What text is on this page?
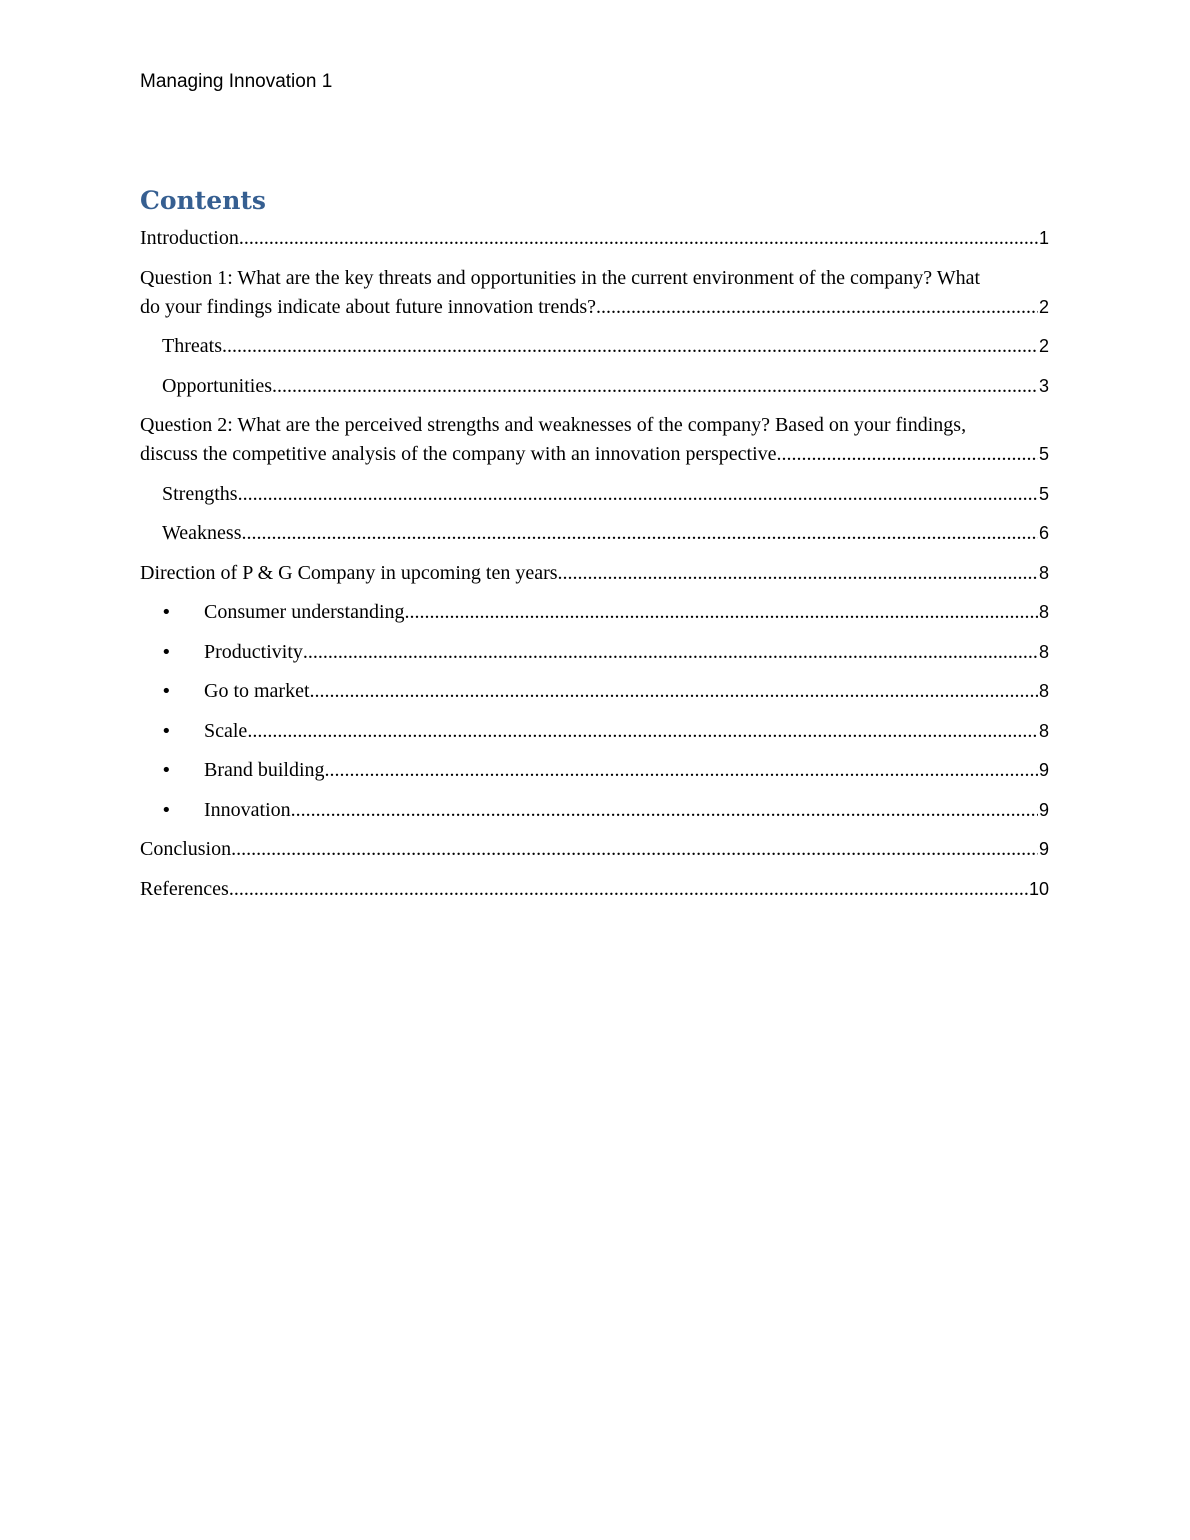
Managing Innovation 1
Contents
Introduction .....	1
Question 1: What are the key threats and opportunities in the current environment of the company? What
do your findings indicate about future innovation trends? .....	2
Threats .....	2
Opportunities .....	3
Question 2: What are the perceived strengths and weaknesses of the company? Based on your findings,
discuss the competitive analysis of the company with an innovation perspective. .....	5
Strengths .....	5
Weakness .....	6
Direction of P & G Company in upcoming ten years .....	8
• Consumer understanding .....	8
• Productivity .....	8
• Go to market .....	8
• Scale .....	8
• Brand building .....	9
• Innovation .....	9
Conclusion .....	9
References .....	10
